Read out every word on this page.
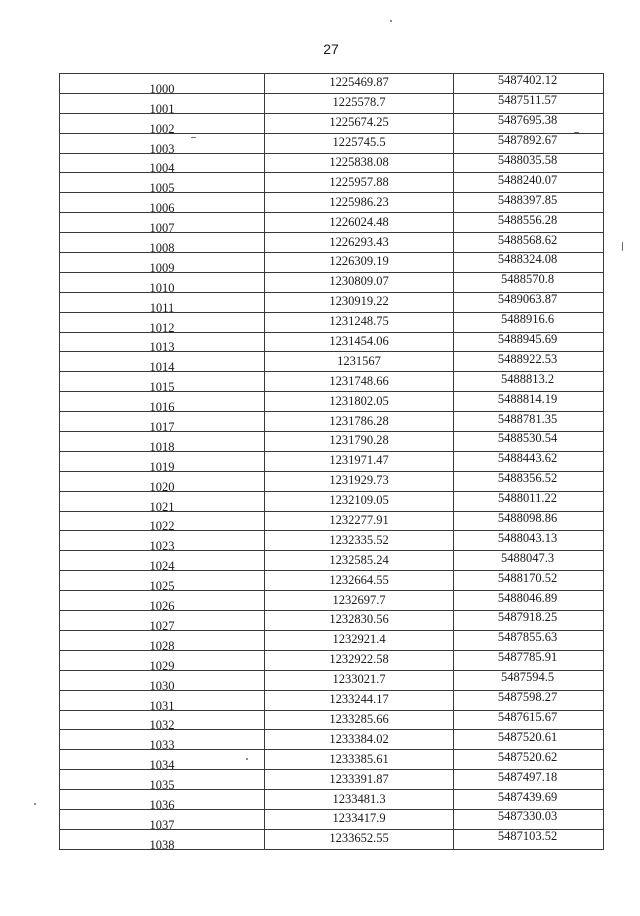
27
1000	1225469.87	5487402.12
1001	1225578.7	5487511.57
1002	1225674.25	5487695.38
1003	1225745.5	5487892.67
1004	1225838.08	5488035.58
1005	1225957.88	5488240.07
1006	1225986.23	5488397.85
1007	1226024.48	5488556.28
1008	1226293.43	5488568.62
1009	1226309.19	5488324.08
1010	1230809.07	5488570.8
1011	1230919.22	5489063.87
1012	1231248.75	5488916.6
1013	1231454.06	5488945.69
1014	1231567	5488922.53
1015	1231748.66	5488813.2
1016	1231802.05	5488814.19
1017	1231786.28	5488781.35
1018	1231790.28	5488530.54
1019	1231971.47	5488443.62
1020	1231929.73	5488356.52
1021	1232109.05	5488011.22
1022	1232277.91	5488098.86
1023	1232335.52	5488043.13
1024	1232585.24	5488047.3
1025	1232664.55	5488170.52
1026	1232697.7	5488046.89
1027	1232830.56	5487918.25
1028	1232921.4	5487855.63
1029	1232922.58	5487785.91
1030	1233021.7	5487594.5
1031	1233244.17	5487598.27
1032	1233285.66	5487615.67
1033	1233384.02	5487520.61
1034	1233385.61	5487520.62
1035	1233391.87	5487497.18
1036	1233481.3	5487439.69
1037	1233417.9	5487330.03
1038	1233652.55	5487103.52
